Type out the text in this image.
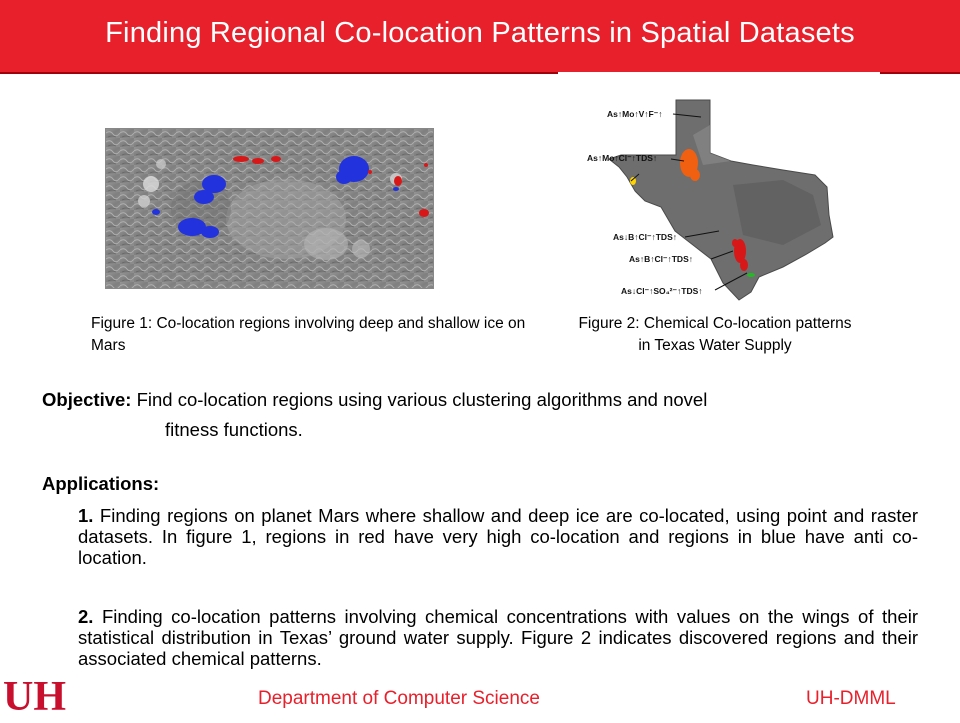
Finding Regional Co-location Patterns in Spatial Datasets
As↑Mo↑V↑F⁻↑
As↑Mo↑Cl⁻↑TDS↑
As↓B↑Cl⁻↑TDS↑
As↑B↑Cl⁻↑TDS↑
As↓Cl⁻↑SO₄²⁻↑TDS↑
Figure 1: Co-location regions involving deep and shallow ice on Mars
Figure 2: Chemical Co-location patterns in Texas Water Supply
Objective: Find co-location regions using various clustering algorithms and novel
fitness functions.
Applications:
1. Finding regions on planet Mars where shallow and deep ice are co-located, using point and raster datasets. In figure 1, regions in red have very high co-location and regions in blue have anti co-location.
2. Finding co-location patterns involving chemical concentrations with values on the wings of their statistical distribution in Texas’ ground water supply. Figure 2 indicates discovered regions and their associated chemical patterns.
UH	Department of Computer Science	UH-DMML
